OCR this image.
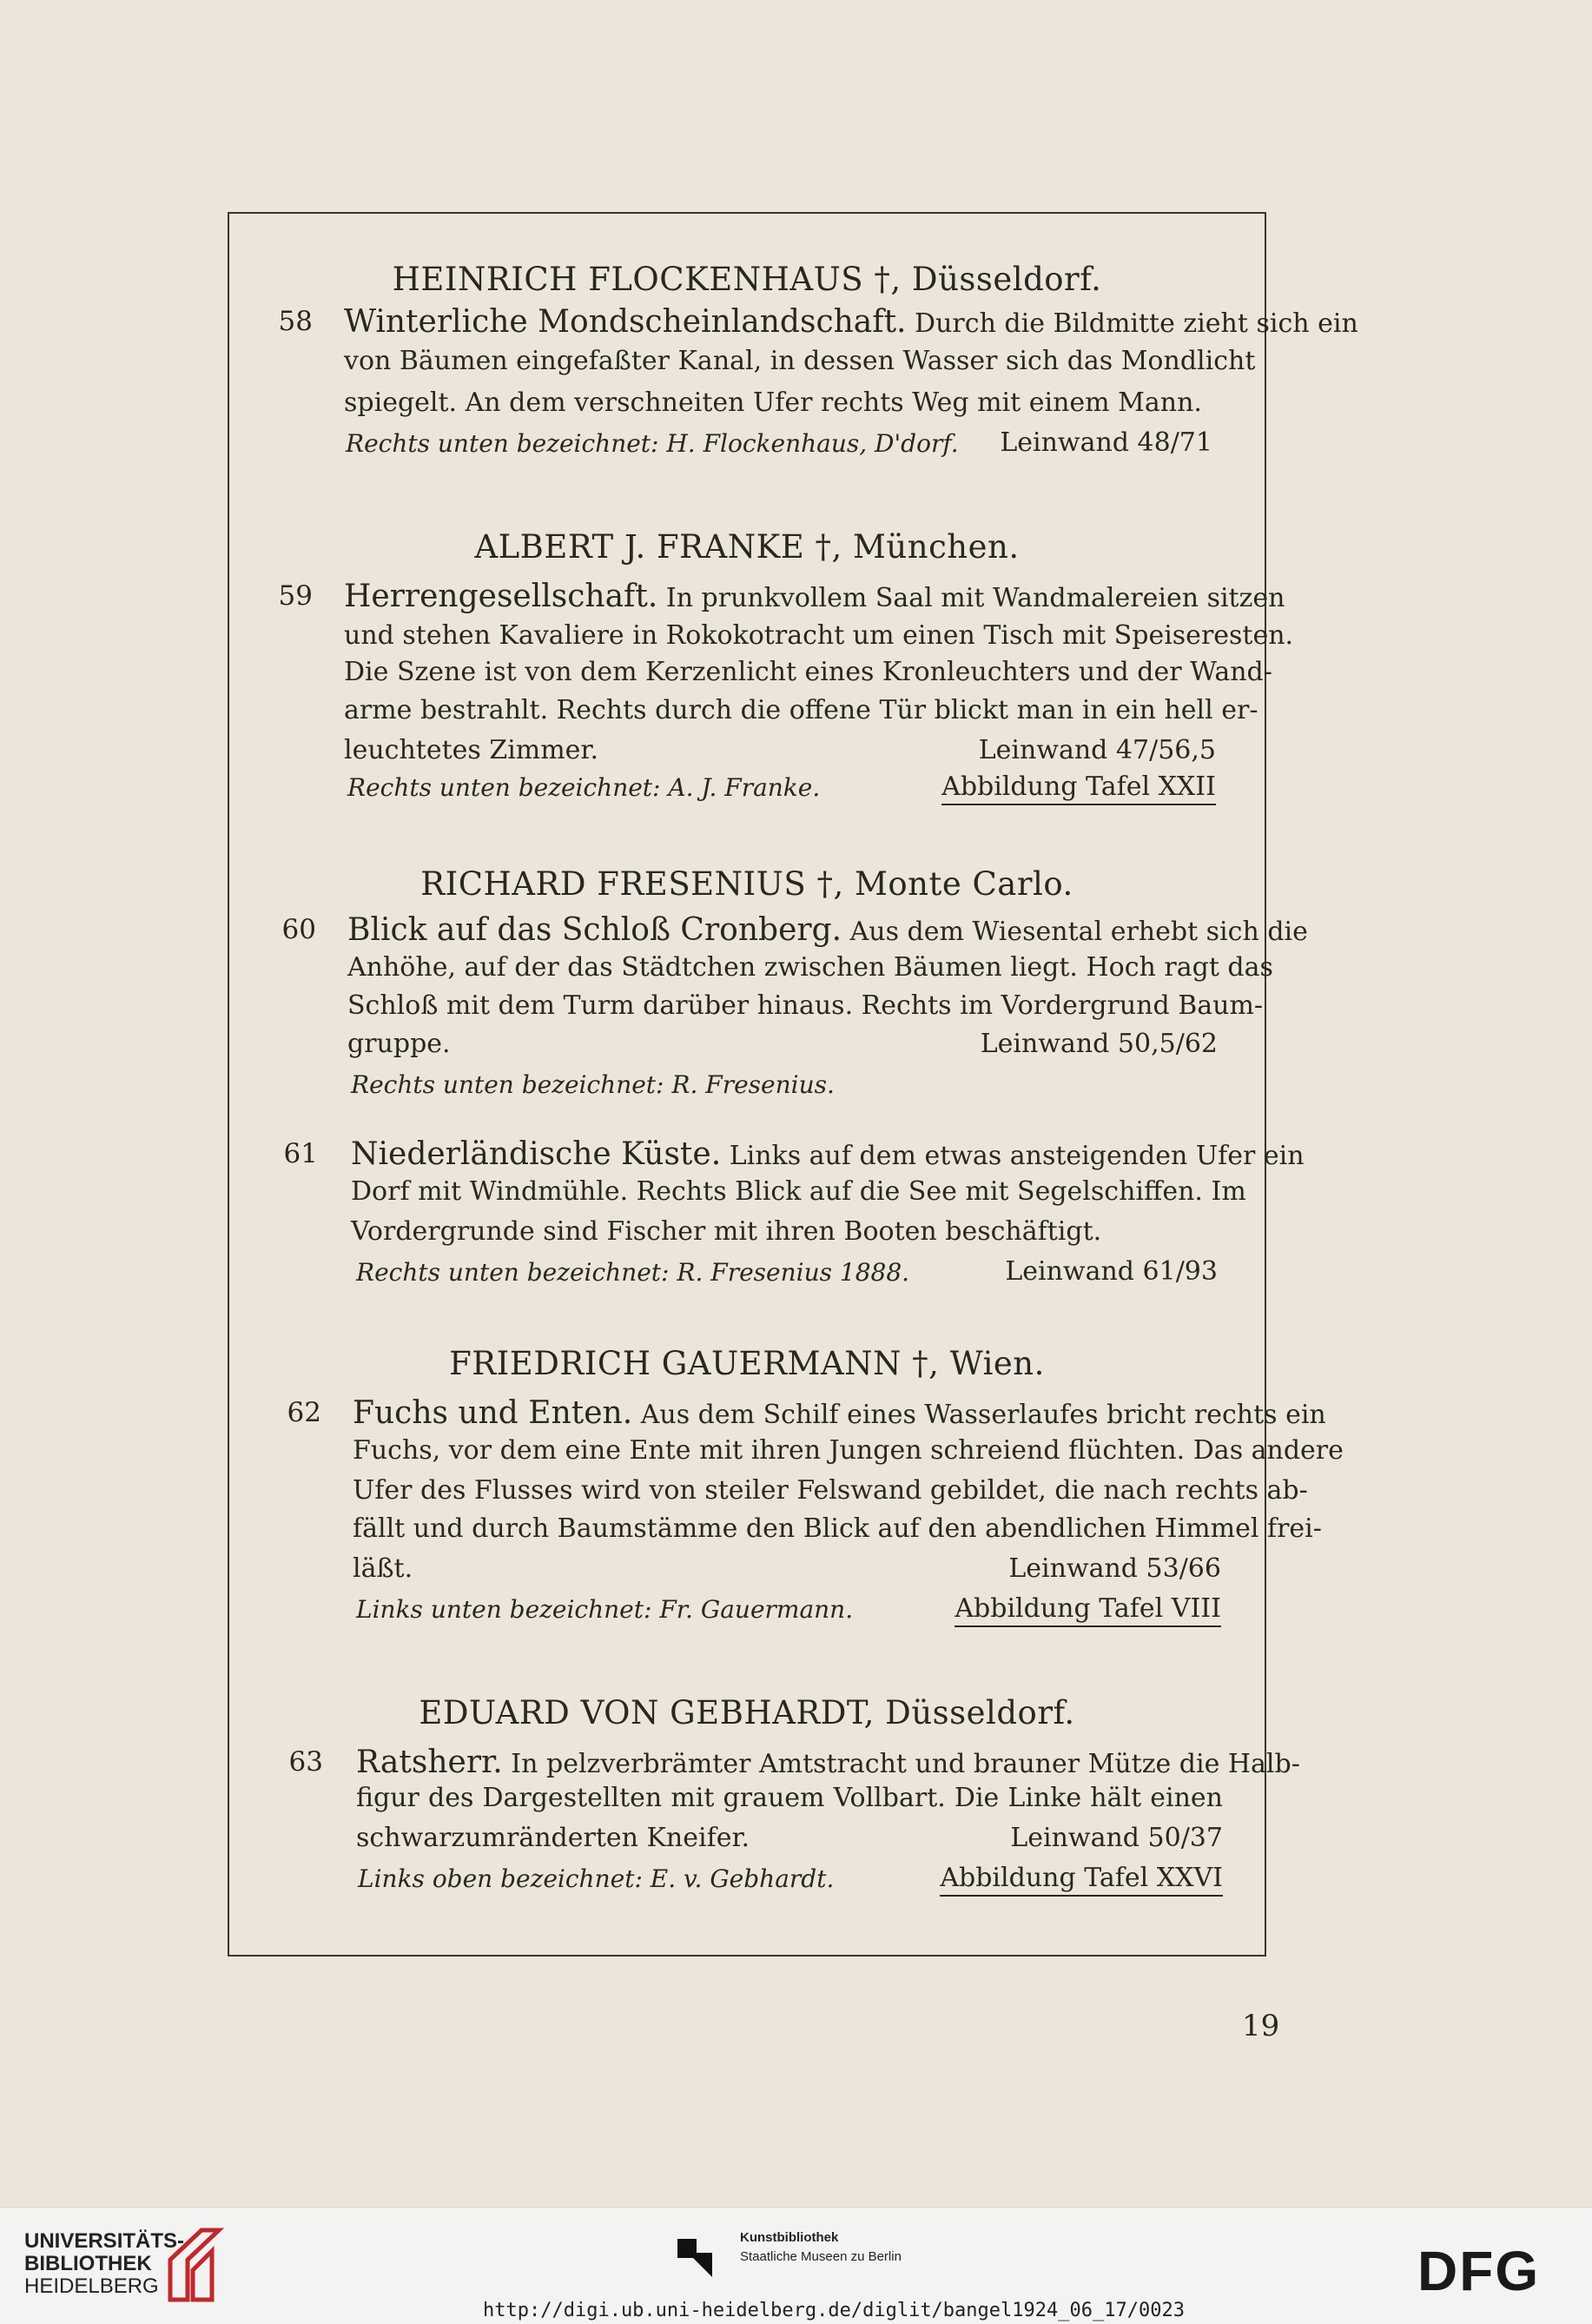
HEINRICH FLOCKENHAUS †, Düsseldorf.
58 Winterliche Mondscheinlandschaft. Durch die Bildmitte zieht sich ein
von Bäumen eingefaßter Kanal, in dessen Wasser sich das Mondlicht
spiegelt. An dem verschneiten Ufer rechts Weg mit einem Mann.
Rechts unten bezeichnet: H. Flockenhaus, D'dorf.	Leinwand 48/71
ALBERT J. FRANKE †, München.
59 Herrengesellschaft. In prunkvollem Saal mit Wandmalereien sitzen
und stehen Kavaliere in Rokokotracht um einen Tisch mit Speiseresten.
Die Szene ist von dem Kerzenlicht eines Kronleuchters und der Wand-
arme bestrahlt. Rechts durch die offene Tür blickt man in ein hell er-
leuchtetes Zimmer.	Leinwand 47/56,5
Rechts unten bezeichnet: A. J. Franke.	Abbildung Tafel XXII
RICHARD FRESENIUS †, Monte Carlo.
60 Blick auf das Schloß Cronberg. Aus dem Wiesental erhebt sich die
Anhöhe, auf der das Städtchen zwischen Bäumen liegt. Hoch ragt das
Schloß mit dem Turm darüber hinaus. Rechts im Vordergrund Baum-
gruppe.	Leinwand 50,5/62
Rechts unten bezeichnet: R. Fresenius.
61 Niederländische Küste. Links auf dem etwas ansteigenden Ufer ein
Dorf mit Windmühle. Rechts Blick auf die See mit Segelschiffen. Im
Vordergrunde sind Fischer mit ihren Booten beschäftigt.
Rechts unten bezeichnet: R. Fresenius 1888.	Leinwand 61/93
FRIEDRICH GAUERMANN †, Wien.
62 Fuchs und Enten. Aus dem Schilf eines Wasserlaufes bricht rechts ein
Fuchs, vor dem eine Ente mit ihren Jungen schreiend flüchten. Das andere
Ufer des Flusses wird von steiler Felswand gebildet, die nach rechts ab-
fällt und durch Baumstämme den Blick auf den abendlichen Himmel frei-
läßt.	Leinwand 53/66
Links unten bezeichnet: Fr. Gauermann.	Abbildung Tafel VIII
EDUARD VON GEBHARDT, Düsseldorf.
63 Ratsherr. In pelzverbrämter Amtstracht und brauner Mütze die Halb-
figur des Dargestellten mit grauem Vollbart. Die Linke hält einen
schwarzumränderten Kneifer.	Leinwand 50/37
Links oben bezeichnet: E. v. Gebhardt.	Abbildung Tafel XXVI
19
UNIVERSITÄTS-
BIBLIOTHEK
HEIDELBERG
Kunstbibliothek
Staatliche Museen zu Berlin	DFG
http://digi.ub.uni-heidelberg.de/diglit/bangel1924_06_17/0023
